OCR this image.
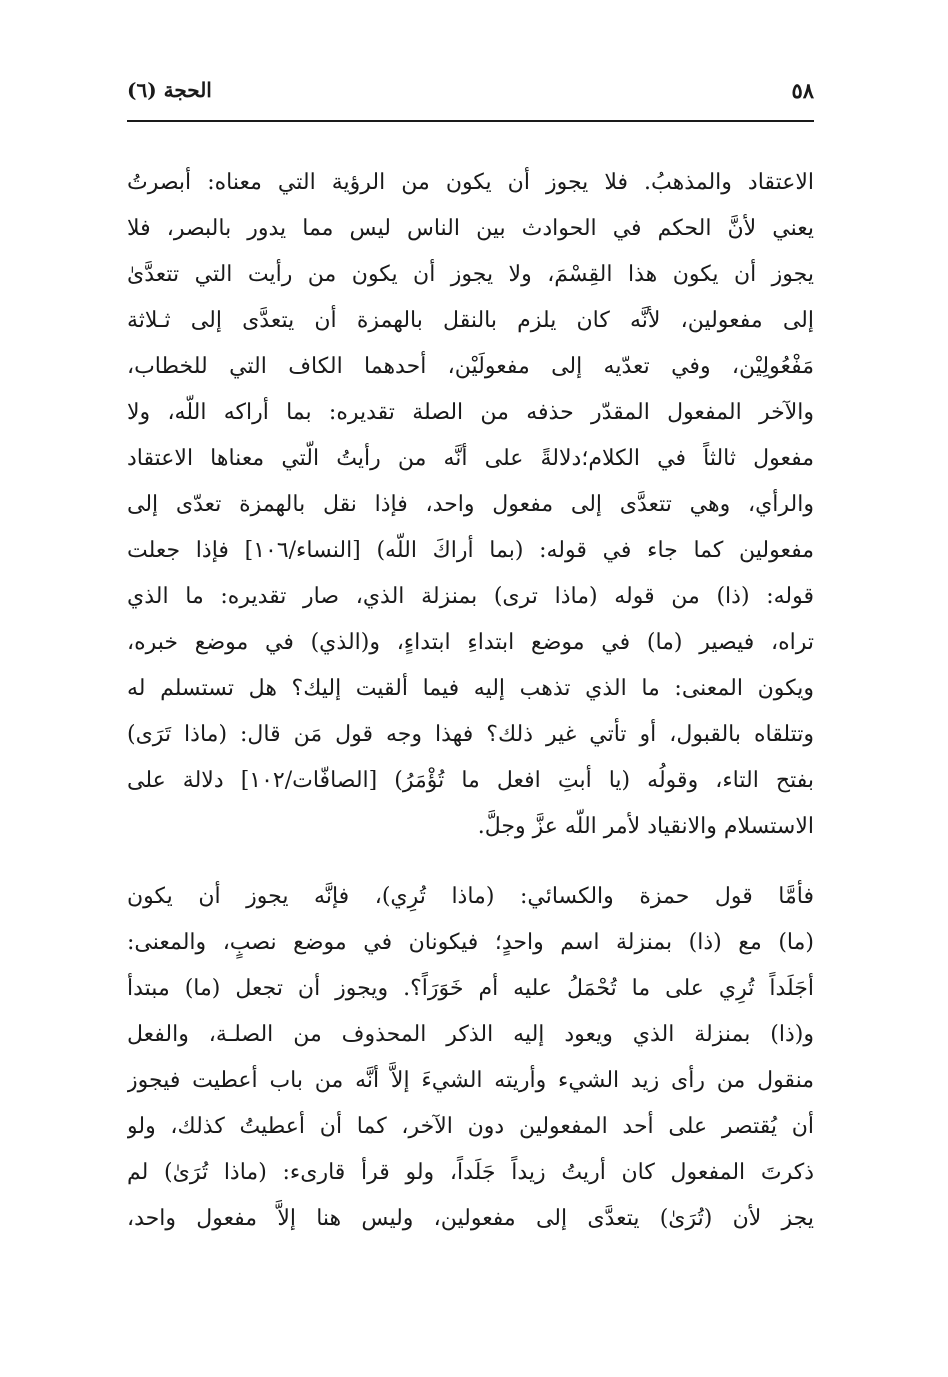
٥٨
الحجة (٦)
الاعتقاد والمذهبُ. فلا يجوز أن يكون من الرؤية التي معناه: أبصرتُ
يعني لأنَّ الحكم في الحوادث بين الناس ليس مما يدور بالبصر، فلا
يجوز أن يكون هذا القِسْمَ، ولا يجوز أن يكون من رأيت التي تتعدَّىٰ
إلى مفعولين، لأنَّه كان يلزم بالنقل بالهمزة أن يتعدَّى إلى ثـلاثة
مَفْعُولِيْن، وفي تعدّيه إلى مفعولَيْن، أحدهما الكاف التي للخطاب،
والآخر المفعول المقدّر حذفه من الصلة تقديره: بما أراكه اللّه، ولا
مفعول ثالثاً في الكلام؛دلالةً على أنَّه من رأيتُ الّتي معناها الاعتقاد
والرأي، وهي تتعدَّى إلى مفعول واحد، فإذا نقل بالهمزة تعدّى إلى
مفعولين كما جاء في قوله: (بما أراكَ اللّه) [النساء/١٠٦] فإذا جعلت
قوله: (ذا) من قوله (ماذا ترى) بمنزلة الذي، صار تقديره: ما الذي
تراه، فيصير (ما) في موضع ابتداءِ ابتداءٍ، و(الذي) في موضع خبره،
ويكون المعنى: ما الذي تذهب إليه فيما ألقيت إليك؟ هل تستسلم له
وتتلقاه بالقبول، أو تأتي غير ذلك؟ فهذا وجه قول مَن قال: (ماذا تَرَى)
بفتح التاء، وقولُه (يا أبتِ افعل ما تُؤْمَرُ) [الصافّات/١٠٢] دلالة على
الاستسلام والانقياد لأمر اللّه عزَّ وجلَّ.
فأمَّا قول حمزة والكسائي: (ماذا تُرِي)، فإنَّه يجوز أن يكون
(ما) مع (ذا) بمنزلة اسم واحدٍ؛ فيكونان في موضع نصبٍ، والمعنى:
أجَلَداً تُرِي على ما تُحْمَلُ عليه أم خَوَرَاً؟. ويجوز أن تجعل (ما) مبتدأ
و(ذا) بمنزلة الذي ويعود إليه الذكر المحذوف من الصلـة، والفعل
منقول من رأى زيد الشيء وأريته الشيءَ إلاَّ أنَّه من باب أعطيت فيجوز
أن يُقتصر على أحد المفعولين دون الآخر، كما أن أعطيتُ كذلك، ولو
ذكرتَ المفعول كان أريتُ زيداً جَلَداً، ولو قرأ قارىء: (ماذا تُرَىٰ) لم
يجز لأن (تُرَىٰ) يتعدَّى إلى مفعولين، وليس هنا إلاَّ مفعول واحد،
